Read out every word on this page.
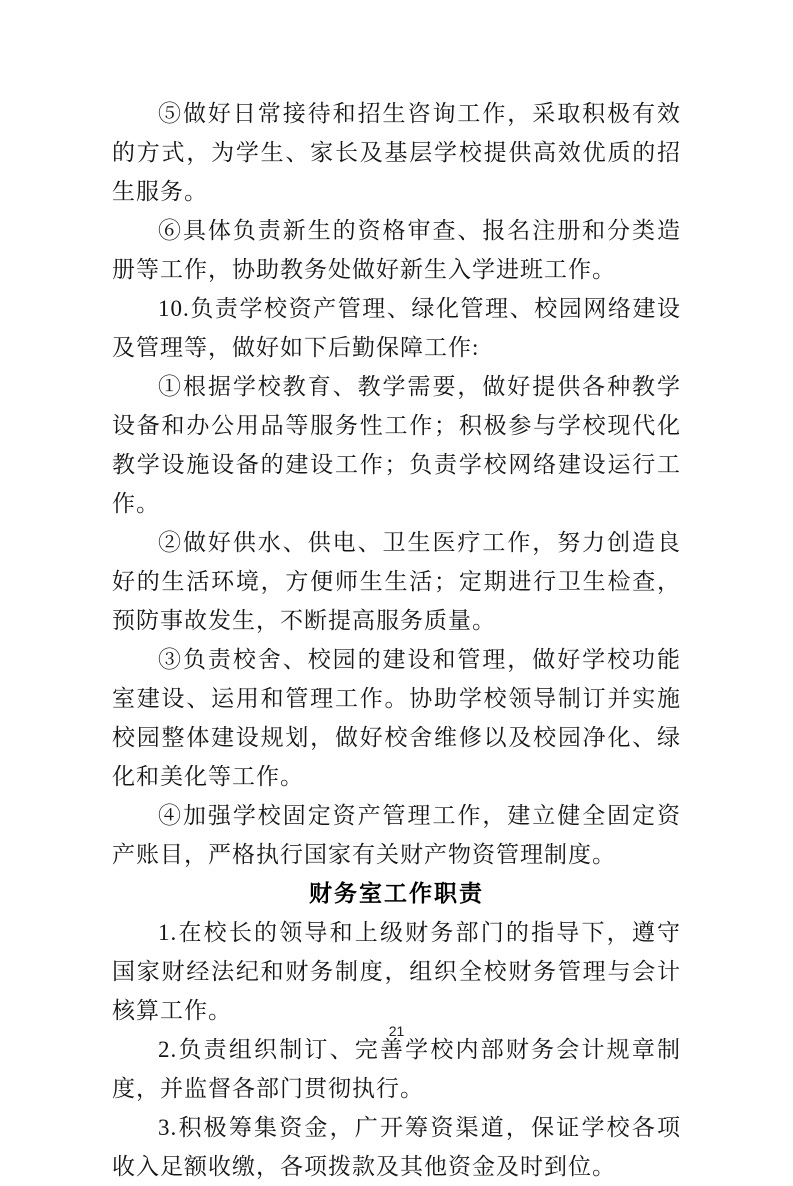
⑤做好日常接待和招生咨询工作，采取积极有效的方式，为学生、家长及基层学校提供高效优质的招生服务。

⑥具体负责新生的资格审查、报名注册和分类造册等工作，协助教务处做好新生入学进班工作。

10.负责学校资产管理、绿化管理、校园网络建设及管理等，做好如下后勤保障工作:

①根据学校教育、教学需要，做好提供各种教学设备和办公用品等服务性工作；积极参与学校现代化教学设施设备的建设工作；负责学校网络建设运行工作。

②做好供水、供电、卫生医疗工作，努力创造良好的生活环境，方便师生生活；定期进行卫生检查，预防事故发生，不断提高服务质量。

③负责校舍、校园的建设和管理，做好学校功能室建设、运用和管理工作。协助学校领导制订并实施校园整体建设规划，做好校舍维修以及校园净化、绿化和美化等工作。

④加强学校固定资产管理工作，建立健全固定资产账目，严格执行国家有关财产物资管理制度。

财务室工作职责

1.在校长的领导和上级财务部门的指导下，遵守国家财经法纪和财务制度，组织全校财务管理与会计核算工作。

2.负责组织制订、完善学校内部财务会计规章制度，并监督各部门贯彻执行。

3.积极筹集资金，广开筹资渠道，保证学校各项收入足额收缴，各项拨款及其他资金及时到位。

21
